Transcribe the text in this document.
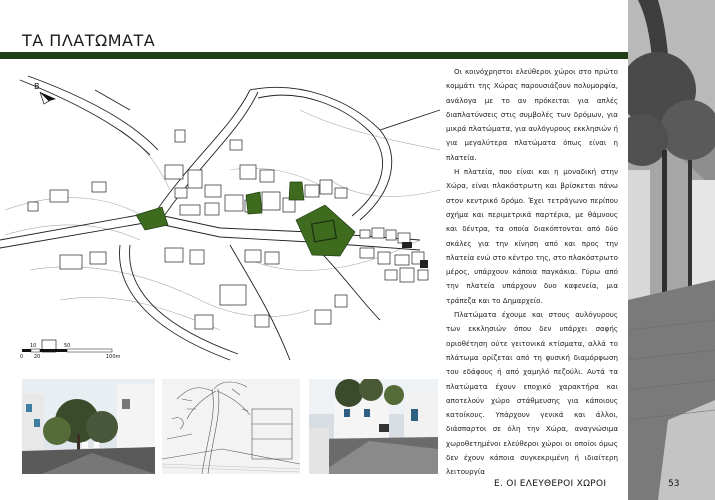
ΤΑ ΠΛΑΤΩΜΑΤΑ
B
10	50
0 20	100m

Οι κοινόχρηστοι ελεύθεροι χώροι στο πρώτο κομμάτι της Χώρας παρουσιάζουν πολυμορφία, ανάλογα με το αν πρόκειται για απλές διαπλατύνσεις στις συμβολές των δρόμων, για μικρά πλατώματα, για αυλόγυρους εκκλησιών ή για μεγαλύτερα πλατώματα όπως είναι η πλατεία.

Η πλατεία, που είναι και η μοναδική στην Χώρα, είναι πλακόστρωτη και βρίσκεται πάνω στον κεντρικό δρόμο. Έχει τετράγωνο περίπου σχήμα και περιμετρικά παρτέρια, με θάμνους και δέντρα, τα οποία διακόπτονται από δύο σκάλες για την κίνηση από και προς την πλατεία ενώ στο κέντρο της, στο πλακόστρωτο μέρος, υπάρχουν κάποια παγκάκια. Γύρω από την πλατεία υπάρχουν δυο καφενεία, μια τράπεζα και το Δημαρχείο.

Πλατώματα έχουμε και στους αυλόγυρους των εκκλησιών όπου δεν υπάρχει σαφής οριοθέτηση ούτε γειτονικά κτίσματα, αλλά το πλάτωμα ορίζεται από τη φυσική διαμόρφωση του εδάφους ή από χαμηλό πεζούλι. Αυτά τα πλατώματα έχουν εποχικό χαρακτήρα και αποτελούν χώρο στάθμευσης για κάποιους κατοίκους. Υπάρχουν γενικά και άλλοι, διάσπαρτοι σε όλη την Χώρα, αναγνώσιμα χωροθετημένοι ελεύθεροι χώροι οι οποίοι όμως δεν έχουν κάποια συγκεκριμένη ή ιδιαίτερη λειτουργία

Ε. ΟΙ ΕΛΕΥΘΕΡΟΙ ΧΩΡΟΙ	53
